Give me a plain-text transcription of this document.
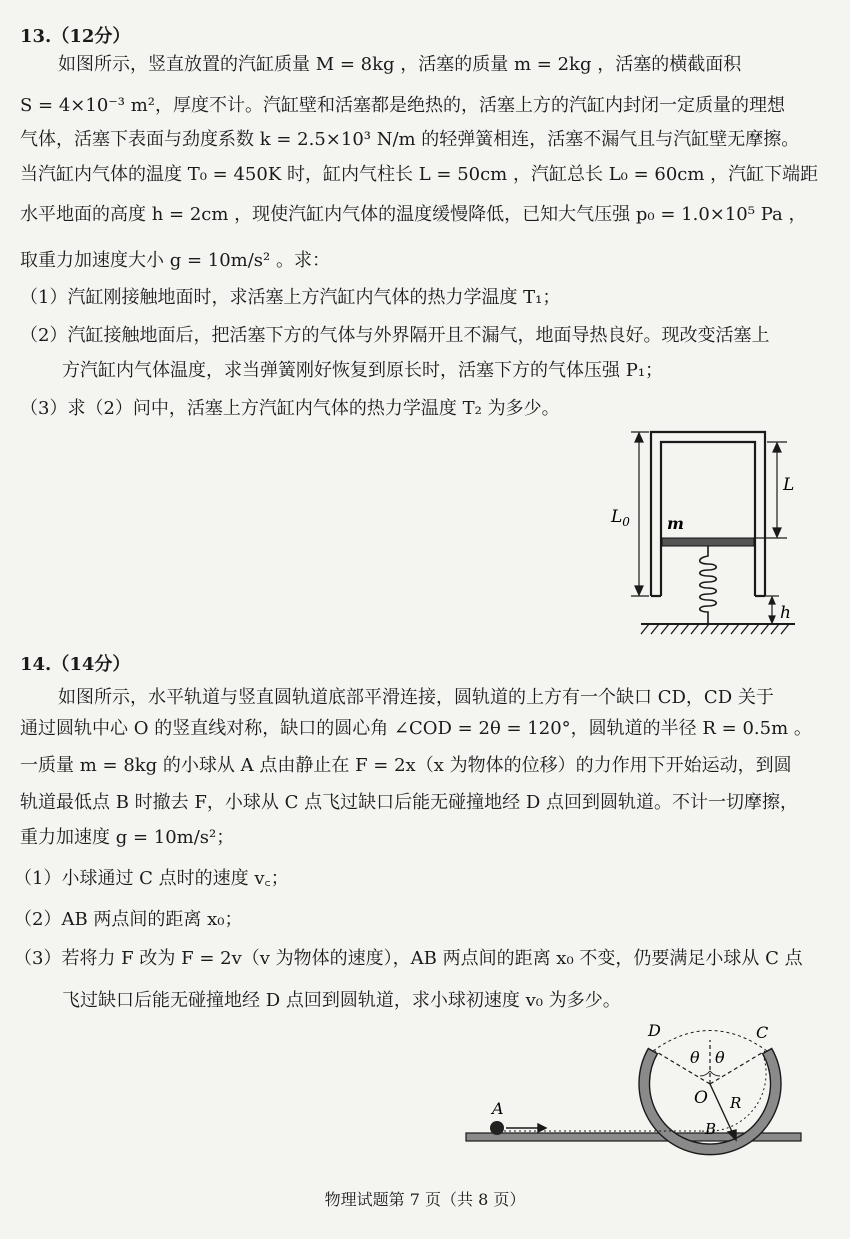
13.（12分）
如图所示，竖直放置的汽缸质量 M = 8kg ，活塞的质量 m = 2kg ，活塞的横截面积
S = 4×10⁻³ m²，厚度不计。汽缸壁和活塞都是绝热的，活塞上方的汽缸内封闭一定质量的理想
气体，活塞下表面与劲度系数 k = 2.5×10³ N/m 的轻弹簧相连，活塞不漏气且与汽缸壁无摩擦。
当汽缸内气体的温度 T₀ = 450K 时，缸内气柱长 L = 50cm ，汽缸总长 L₀ = 60cm ，汽缸下端距
水平地面的高度 h = 2cm ，现使汽缸内气体的温度缓慢降低，已知大气压强 p₀ = 1.0×10⁵ Pa ，
取重力加速度大小 g = 10m/s² 。求：
（1）汽缸刚接触地面时，求活塞上方汽缸内气体的热力学温度 T₁；
（2）汽缸接触地面后，把活塞下方的气体与外界隔开且不漏气，地面导热良好。现改变活塞上
方汽缸内气体温度，求当弹簧刚好恢复到原长时，活塞下方的气体压强 P₁；
（3）求（2）问中，活塞上方汽缸内气体的热力学温度 T₂ 为多少。
m
$L_0$
L
h
14.（14分）
如图所示，水平轨道与竖直圆轨道底部平滑连接，圆轨道的上方有一个缺口 CD，CD 关于
通过圆轨中心 O 的竖直线对称，缺口的圆心角 ∠COD = 2θ = 120°，圆轨道的半径 R = 0.5m 。
一质量 m = 8kg 的小球从 A 点由静止在 F = 2x（x 为物体的位移）的力作用下开始运动，到圆
轨道最低点 B 时撤去 F，小球从 C 点飞过缺口后能无碰撞地经 D 点回到圆轨道。不计一切摩擦，
重力加速度 g = 10m/s²；
（1）小球通过 C 点时的速度 v꜀；
（2）AB 两点间的距离 x₀；
（3）若将力 F 改为 F = 2v（v 为物体的速度），AB 两点间的距离 x₀ 不变，仍要满足小球从 C 点
飞过缺口后能无碰撞地经 D 点回到圆轨道，求小球初速度 v₀ 为多少。
A
B
C
D
O R
θ θ
物理试题第 7 页（共 8 页）
